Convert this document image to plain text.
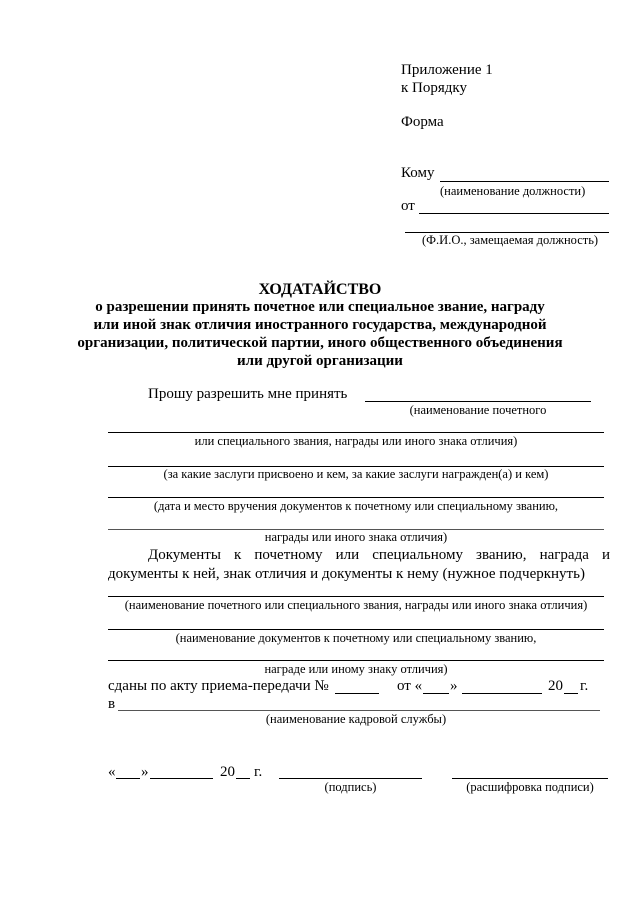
Приложение 1
к Порядку
Форма
Кому
(наименование должности)
от
(Ф.И.О., замещаемая должность)
ХОДАТАЙСТВО
о разрешении принять почетное или специальное звание, награду
или иной знак отличия иностранного государства, международной
организации, политической партии, иного общественного объединения
или другой организации
Прошу разрешить мне принять
(наименование почетного
или специального звания, награды или иного знака отличия)
(за какие заслуги присвоено и кем, за какие заслуги награжден(а) и кем)
(дата и место вручения документов к почетному или специальному званию,
награды или иного знака отличия)
Документы к почетному или специальному званию, награда и
документы к ней, знак отличия и документы к нему (нужное подчеркнуть)
(наименование почетного или специального звания, награды или иного знака отличия)
(наименование документов к почетному или специальному званию,
награде или иному знаку отличия)
сданы по акту приема-передачи №	от « »	20 г.
в
(наименование кадровой службы)
« »	20 г.
(подпись)	(расшифровка подписи)
